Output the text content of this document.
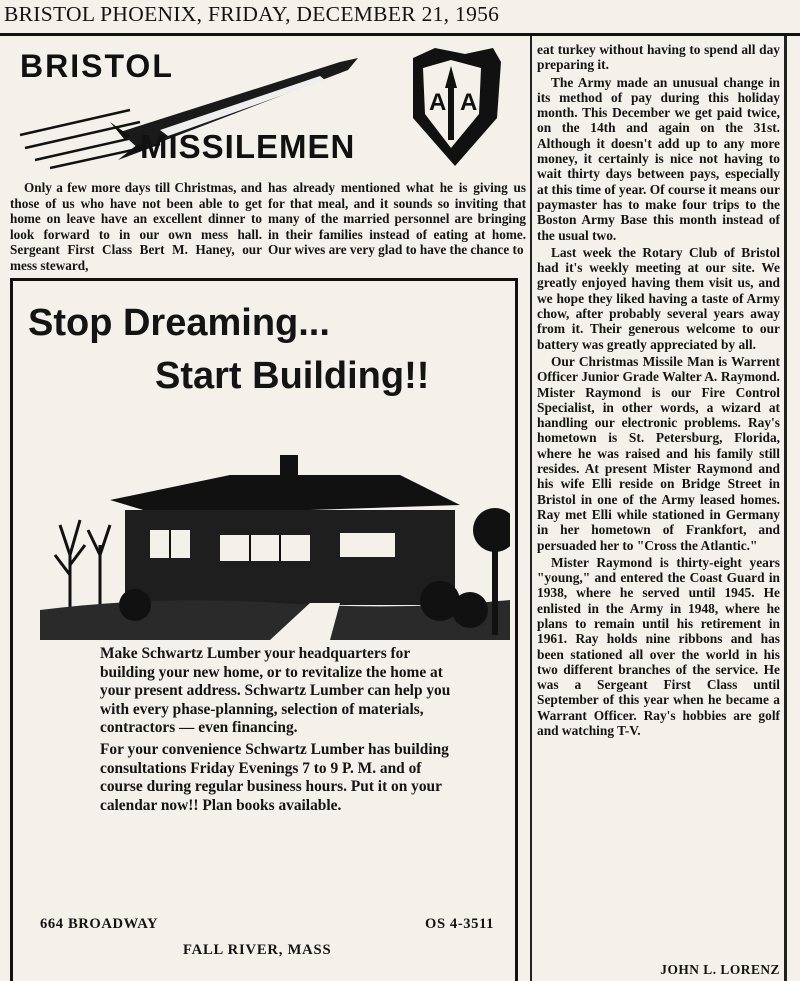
BRISTOL PHOENIX, FRIDAY, DECEMBER 21, 1956
A A
BRISTOL
MISSILEMEN

Only a few more days till Christmas, and those of us who have not been able to get home on leave have an excellent dinner to look forward to in our own mess hall. Sergeant First Class Bert M. Haney, our mess steward,

has already mentioned what he is giving us for that meal, and it sounds so inviting that many of the married personnel are bringing in their families instead of eating at home. Our wives are very glad to have the chance to

eat turkey without having to spend all day preparing it.

The Army made an unusual change in its method of pay during this holiday month. This December we get paid twice, on the 14th and again on the 31st. Although it doesn't add up to any more money, it certainly is nice not having to wait thirty days between pays, especially at this time of year. Of course it means our paymaster has to make four trips to the Boston Army Base this month instead of the usual two.

Last week the Rotary Club of Bristol had it's weekly meeting at our site. We greatly enjoyed having them visit us, and we hope they liked having a taste of Army chow, after probably several years away from it. Their generous welcome to our battery was greatly appreciated by all.

Our Christmas Missile Man is Warrent Officer Junior Grade Walter A. Raymond. Mister Raymond is our Fire Control Specialist, in other words, a wizard at handling our electronic problems. Ray's hometown is St. Petersburg, Florida, where he was raised and his family still resides. At present Mister Raymond and his wife Elli reside on Bridge Street in Bristol in one of the Army leased homes. Ray met Elli while stationed in Germany in her hometown of Frankfort, and persuaded her to "Cross the Atlantic."

Mister Raymond is thirty-eight years "young," and entered the Coast Guard in 1938, where he served until 1945. He enlisted in the Army in 1948, where he plans to remain until his retirement in 1961. Ray holds nine ribbons and has been stationed all over the world in his two different branches of the service. He was a Sergeant First Class until September of this year when he became a Warrant Officer. Ray's hobbies are golf and watching T-V.

JOHN L. LORENZ
Stop Dreaming...
Start Building!!

Make Schwartz Lumber your headquarters for building your new home, or to revitalize the home at your present address. Schwartz Lumber can help you with every phase-planning, selection of materials, contractors — even financing.

For your convenience Schwartz Lumber has building consultations Friday Evenings 7 to 9 P. M. and of course during regular business hours. Put it on your calendar now!! Plan books available.

664 BROADWAY	OS 4-3511
FALL RIVER, MASS
